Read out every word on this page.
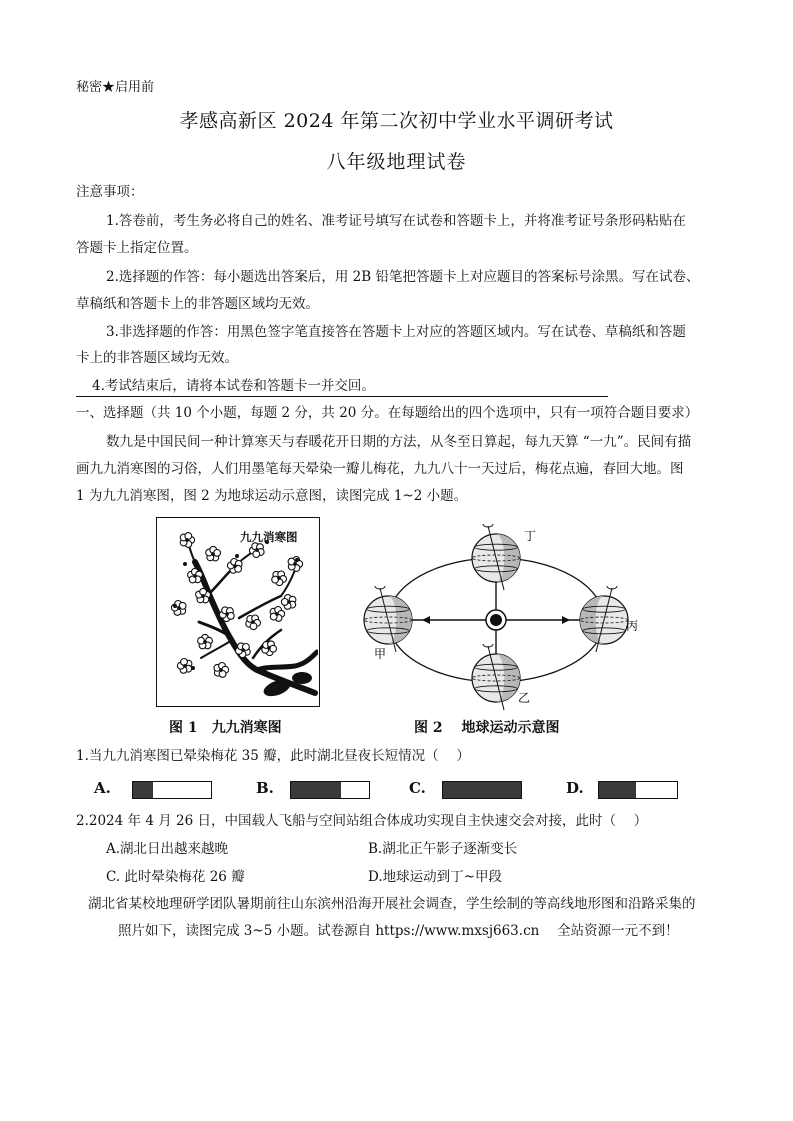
秘密★启用前
孝感高新区 2024 年第二次初中学业水平调研考试
八年级地理试卷
注意事项：
1.答卷前，考生务必将自己的姓名、准考证号填写在试卷和答题卡上，并将准考证号条形码粘贴在
答题卡上指定位置。
2.选择题的作答：每小题选出答案后，用 2B 铅笔把答题卡上对应题目的答案标号涂黑。写在试卷、
草稿纸和答题卡上的非答题区域均无效。
3.非选择题的作答：用黑色签字笔直接答在答题卡上对应的答题区域内。写在试卷、草稿纸和答题
卡上的非答题区域均无效。
4.考试结束后，请将本试卷和答题卡一并交回。
一、选择题（共 10 个小题，每题 2 分，共 20 分。在每题给出的四个选项中，只有一项符合题目要求）
数九是中国民间一种计算寒天与春暖花开日期的方法，从冬至日算起，每九天算 “一九”。民间有描
画九九消寒图的习俗，人们用墨笔每天晕染一瓣儿梅花，九九八十一天过后，梅花点遍，春回大地。图
1 为九九消寒图，图 2 为地球运动示意图，读图完成 1~2 小题。
九九消寒图	丁
甲
丙
乙
图 1　九九消寒图	图 2　 地球运动示意图
1.当九九消寒图已晕染梅花 35 瓣，此时湖北昼夜长短情况（　 ）
A.	B.	C.	D.
2.2024 年 4 月 26 日，中国载人飞船与空间站组合体成功实现自主快速交会对接，此时（　 ）
A.湖北日出越来越晚	B.湖北正午影子逐渐变长
C. 此时晕染梅花 26 瓣	D.地球运动到丁~甲段
湖北省某校地理研学团队暑期前往山东滨州沿海开展社会调查，学生绘制的等高线地形图和沿路采集的
照片如下，读图完成 3~5 小题。试卷源自 https://www.mxsj663.cn　 全站资源一元不到！
